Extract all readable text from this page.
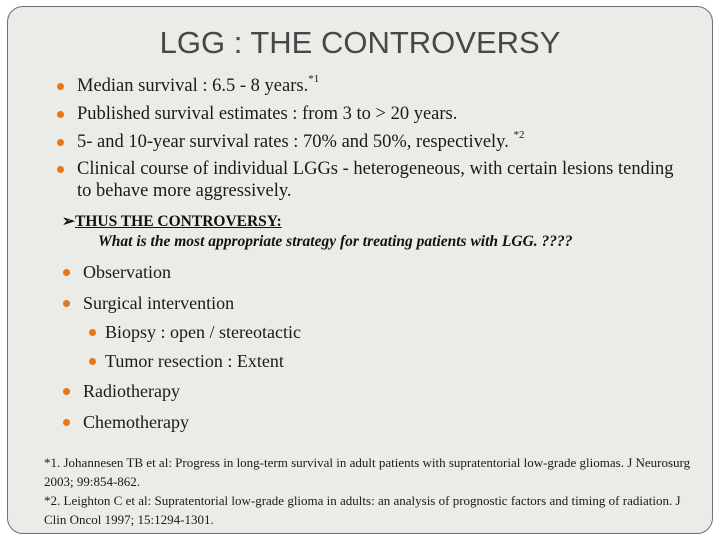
LGG : THE CONTROVERSY
Median survival : 6.5 - 8 years.$^{*1}$
Published survival estimates : from 3 to > 20 years.
5- and 10-year survival rates : 70% and 50%, respectively. $^{*2}$
Clinical course of individual LGGs - heterogeneous, with certain lesions tending to behave more aggressively.
➢THUS THE CONTROVERSY:
What is the most appropriate strategy for treating patients with LGG. ????
Observation
Surgical intervention
Biopsy : open / stereotactic
Tumor resection : Extent
Radiotherapy
Chemotherapy
*1. Johannesen TB et al: Progress in long-term survival in adult patients with supratentorial low-grade gliomas. J Neurosurg 2003; 99:854-862.
*2. Leighton C et al: Supratentorial low-grade glioma in adults: an analysis of prognostic factors and timing of radiation. J Clin Oncol 1997; 15:1294-1301.
